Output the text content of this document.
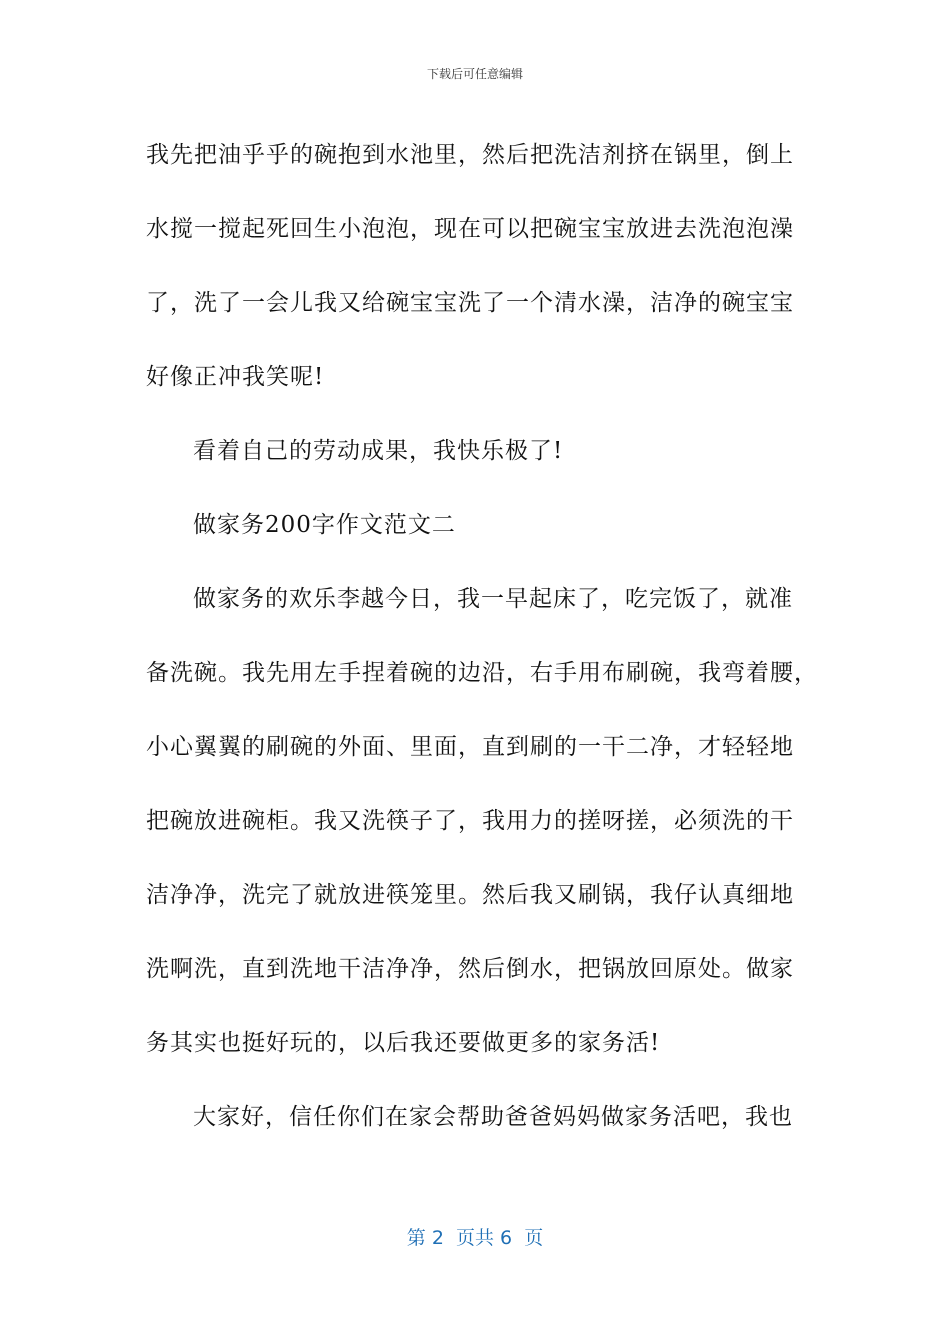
下载后可任意编辑
我先把油乎乎的碗抱到水池里，然后把洗洁剂挤在锅里，倒上
水搅一搅起死回生小泡泡，现在可以把碗宝宝放进去洗泡泡澡
了，洗了一会儿我又给碗宝宝洗了一个清水澡，洁净的碗宝宝
好像正冲我笑呢!
看着自己的劳动成果，我快乐极了!
做家务200字作文范文二
做家务的欢乐李越今日，我一早起床了，吃完饭了，就准
备洗碗。我先用左手捏着碗的边沿，右手用布刷碗，我弯着腰，
小心翼翼的刷碗的外面、里面，直到刷的一干二净，才轻轻地
把碗放进碗柜。我又洗筷子了，我用力的搓呀搓，必须洗的干
洁净净，洗完了就放进筷笼里。然后我又刷锅，我仔认真细地
洗啊洗，直到洗地干洁净净，然后倒水，把锅放回原处。做家
务其实也挺好玩的，以后我还要做更多的家务活!
大家好，信任你们在家会帮助爸爸妈妈做家务活吧，我也
第 2  页共 6  页
